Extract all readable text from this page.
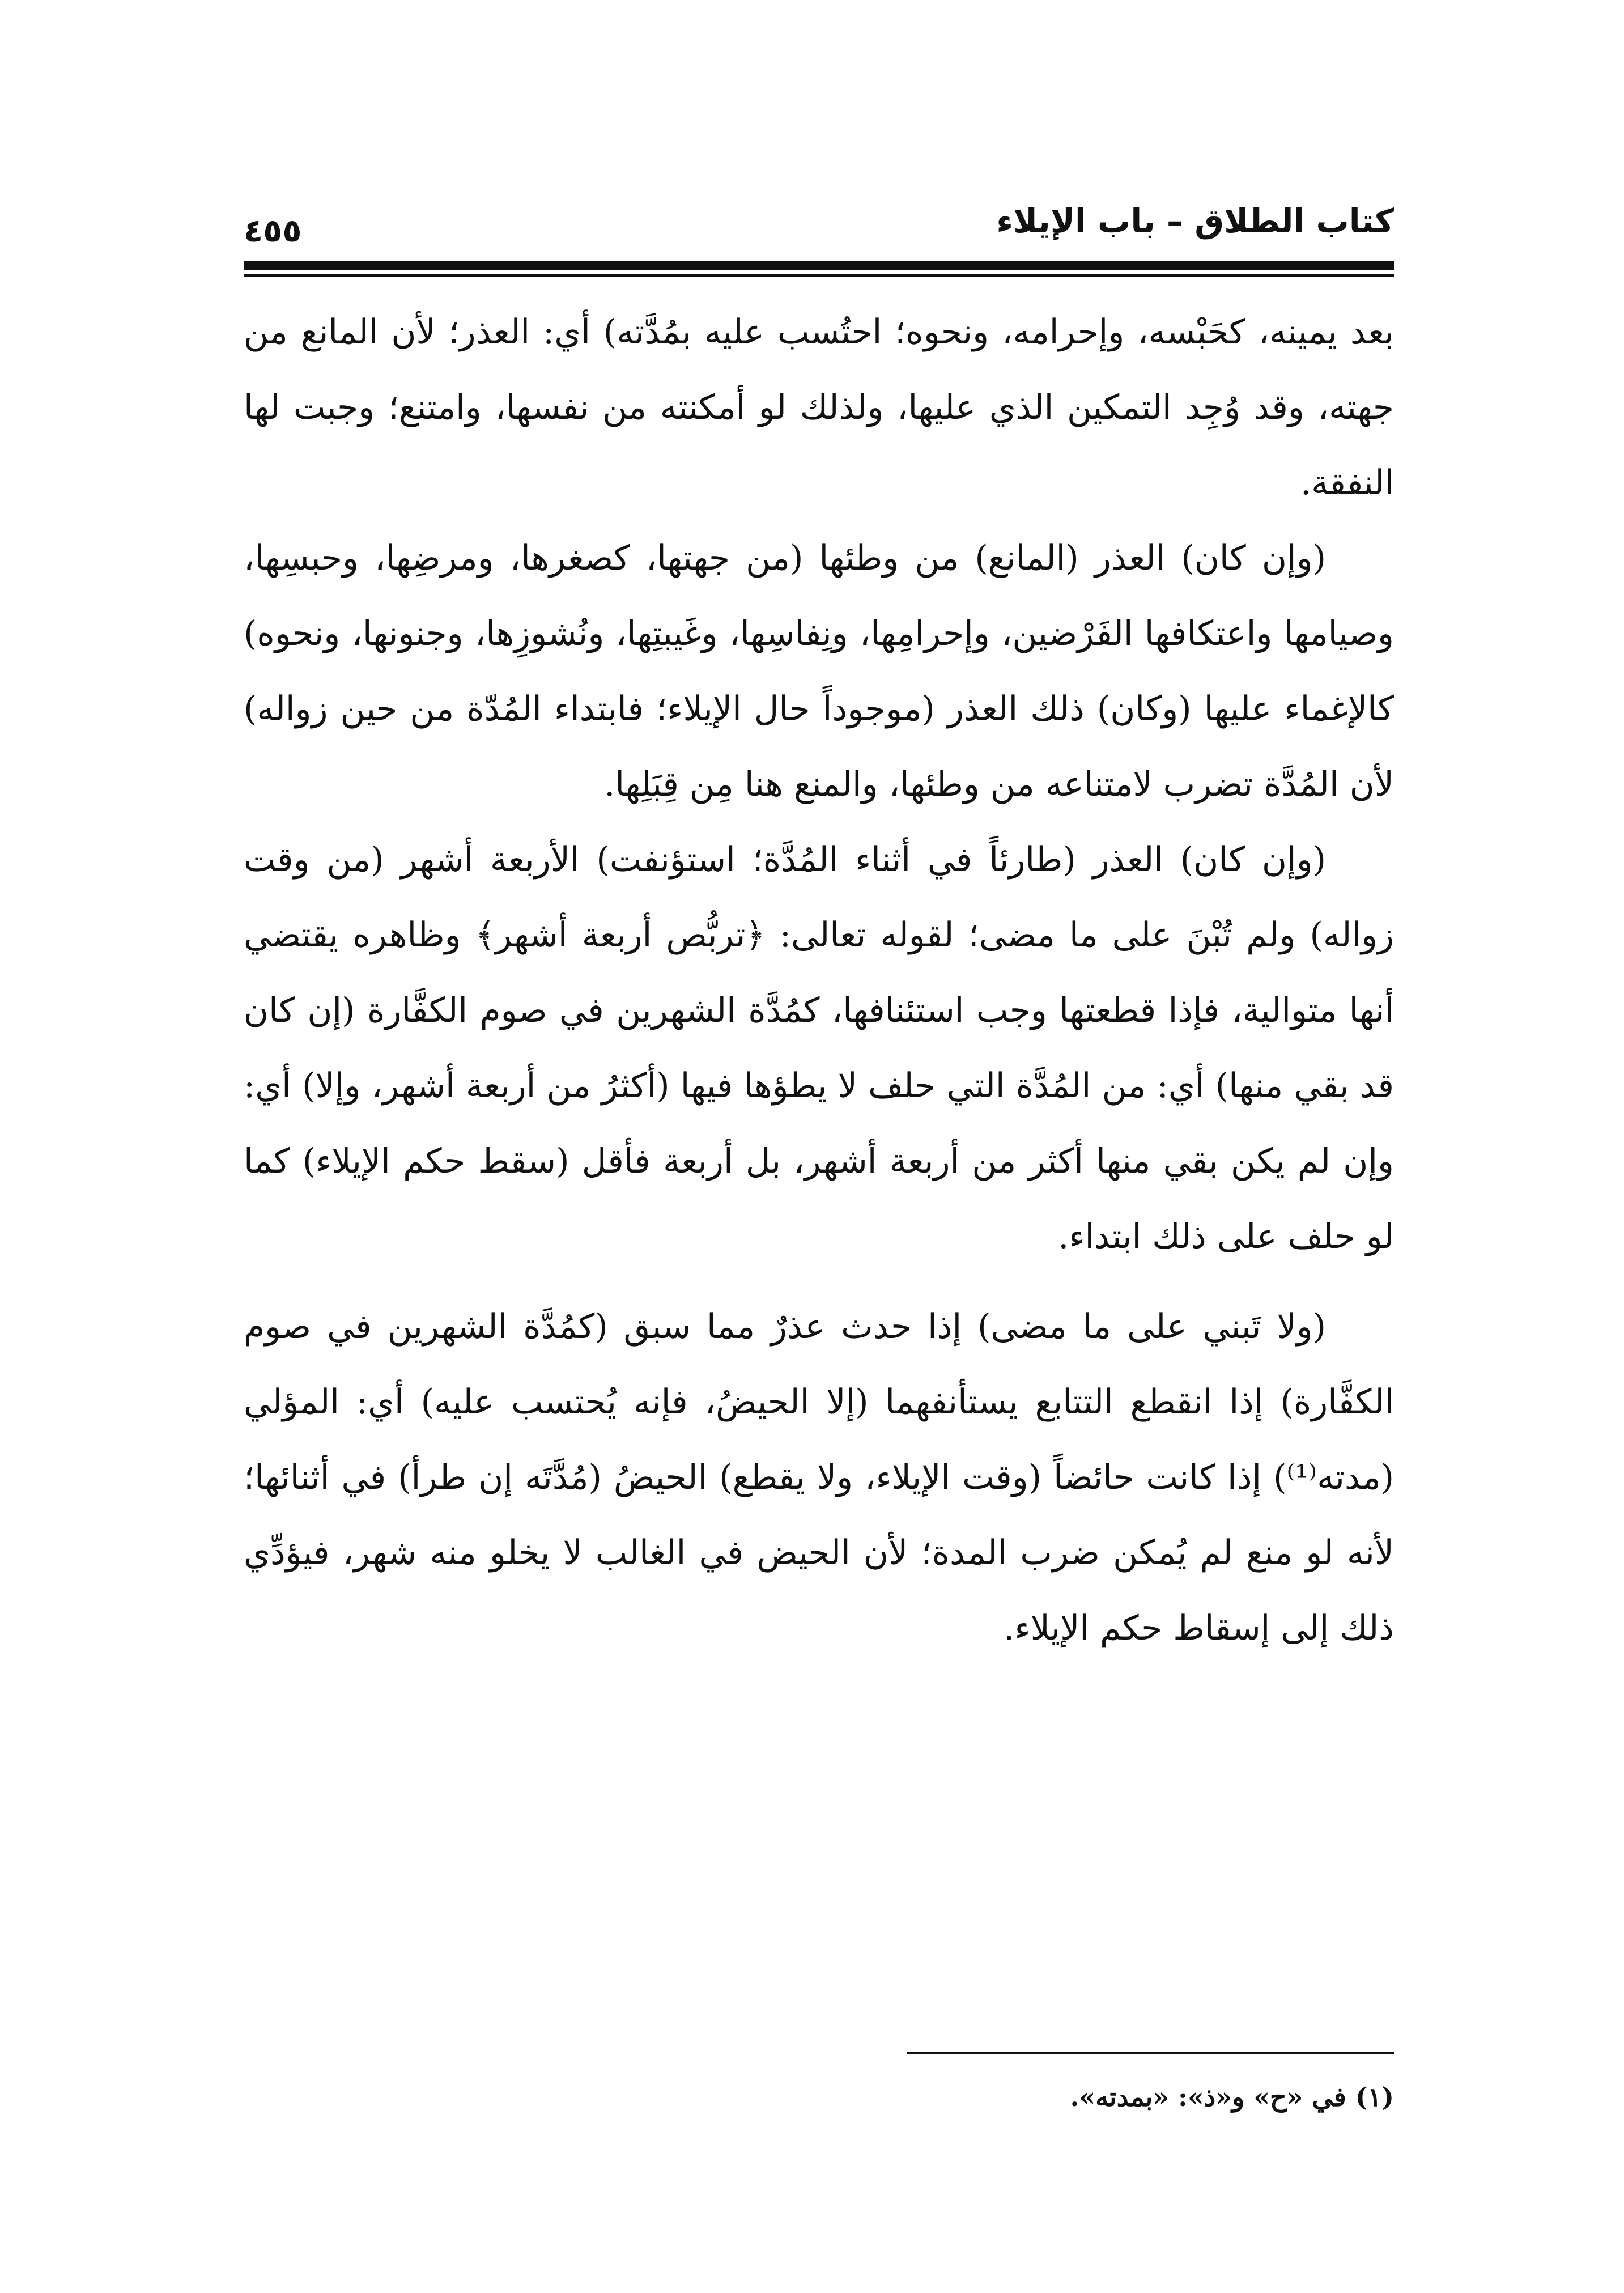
كتاب الطلاق – باب الإيلاء
٤٥٥

بعد يمينه، كحَبْسه، وإحرامه، ونحوه؛ احتُسب عليه بمُدَّته) أي: العذر؛ لأن المانع من جهته، وقد وُجِد التمكين الذي عليها، ولذلك لو أمكنته من نفسها، وامتنع؛ وجبت لها النفقة.

(وإن كان) العذر (المانع) من وطئها (من جهتها، كصغرها، ومرضِها، وحبسِها، وصيامها واعتكافها الفَرْضين، وإحرامِها، ونِفاسِها، وغَيبتِها، ونُشوزِها، وجنونها، ونحوه) كالإغماء عليها (وكان) ذلك العذر (موجوداً حال الإيلاء؛ فابتداء المُدّة من حين زواله) لأن المُدَّة تضرب لامتناعه من وطئها، والمنع هنا مِن قِبَلِها.

(وإن كان) العذر (طارئاً في أثناء المُدَّة؛ استؤنفت) الأربعة أشهر (من وقت زواله) ولم تُبْنَ على ما مضى؛ لقوله تعالى: ﴿تربُّص أربعة أشهر﴾ وظاهره يقتضي أنها متوالية، فإذا قطعتها وجب استئنافها، كمُدَّة الشهرين في صوم الكفَّارة (إن كان قد بقي منها) أي: من المُدَّة التي حلف لا يطؤها فيها (أكثرُ من أربعة أشهر، وإلا) أي: وإن لم يكن بقي منها أكثر من أربعة أشهر، بل أربعة فأقل (سقط حكم الإيلاء) كما لو حلف على ذلك ابتداء.

(ولا تَبني على ما مضى) إذا حدث عذرٌ مما سبق (كمُدَّة الشهرين في صوم الكفَّارة) إذا انقطع التتابع يستأنفهما (إلا الحيضُ، فإنه يُحتسب عليه) أي: المؤلي (مدته⁽¹⁾) إذا كانت حائضاً (وقت الإيلاء، ولا يقطع) الحيضُ (مُدَّتَه إن طرأ) في أثنائها؛ لأنه لو منع لم يُمكن ضرب المدة؛ لأن الحيض في الغالب لا يخلو منه شهر، فيؤدِّي ذلك إلى إسقاط حكم الإيلاء.

(١) في «ح» و«ذ»: «بمدته».
